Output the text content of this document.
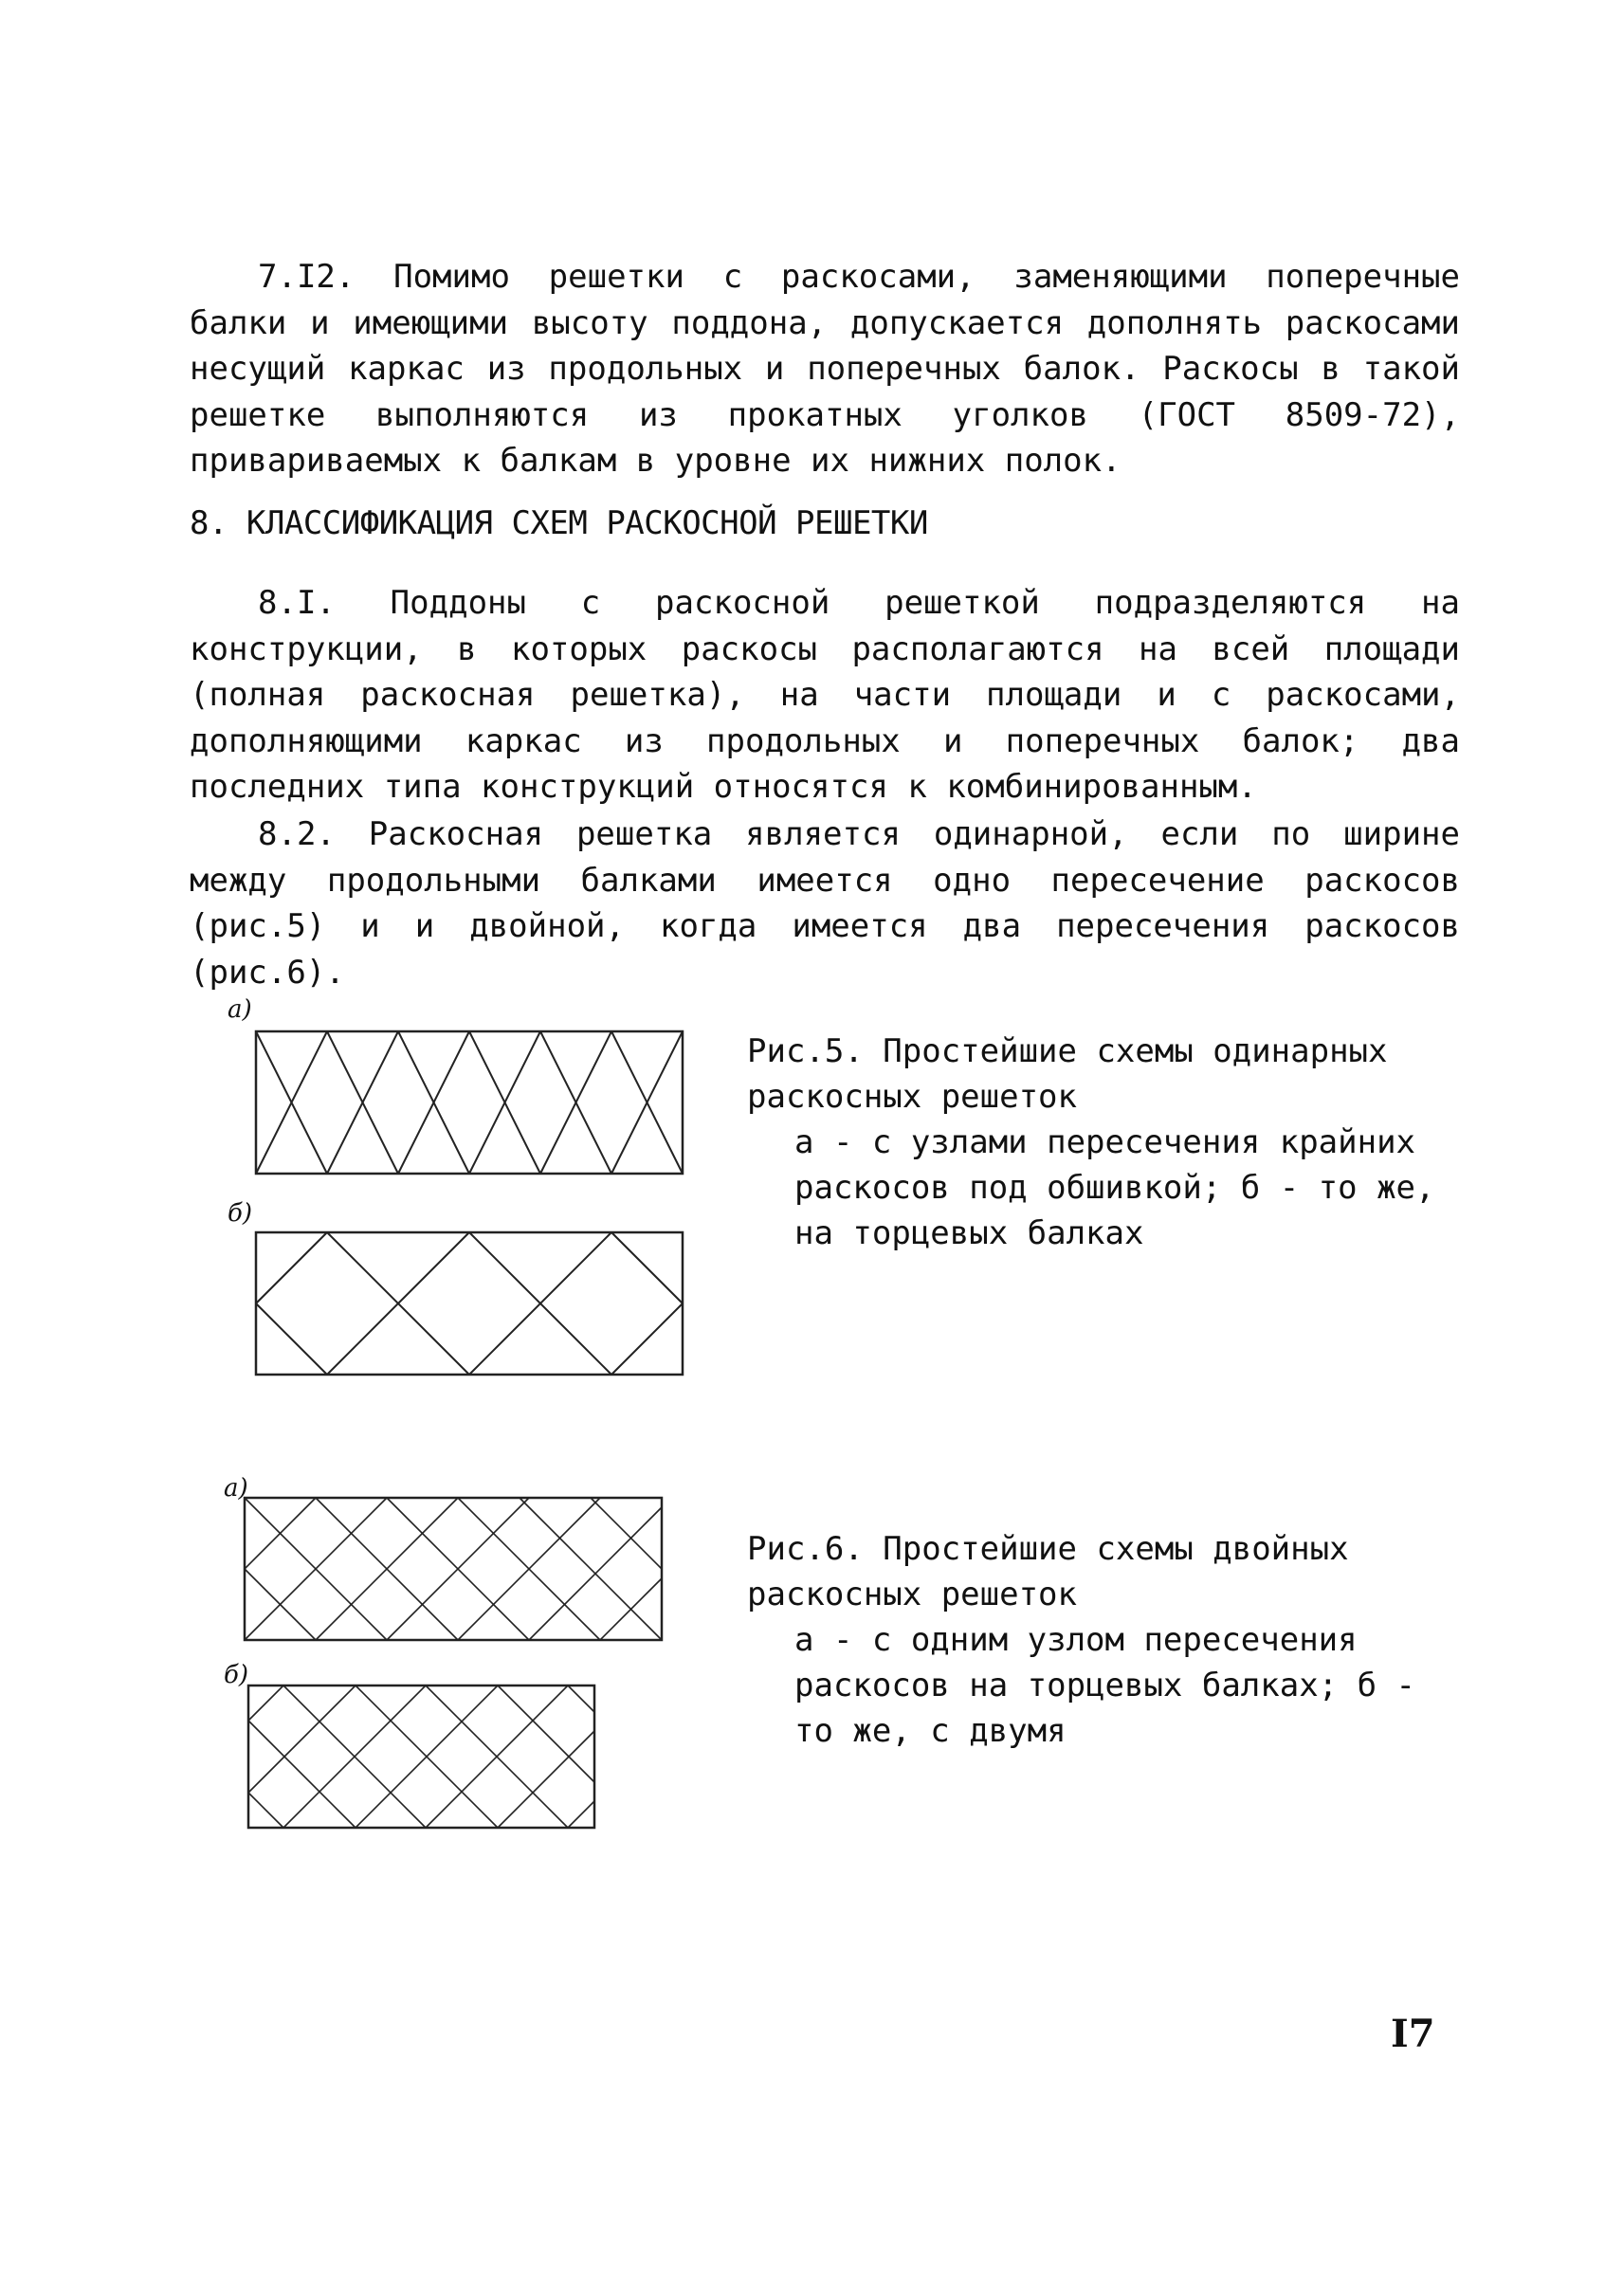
7.I2. Помимо решетки с раскосами, заменяющими поперечные балки и имеющими высоту поддона, допускается дополнять раскосами несущий каркас из продольных и поперечных балок. Раскосы в такой решетке выполняются из прокатных уголков (ГОСТ 8509-72), привариваемых к балкам в уровне их нижних полок.

8. КЛАССИФИКАЦИЯ СХЕМ РАСКОСНОЙ РЕШЕТКИ

8.I. Поддоны с раскосной решеткой подразделяются на конструкции, в которых раскосы располагаются на всей площади (полная раскосная решетка), на части площади и с раскосами, дополняющими каркас из продольных и поперечных балок; два последних типа конструкций относятся к комбинированным.

8.2. Раскосная решетка является одинарной, если по ширине между продольными балками имеется одно пересечение раскосов (рис.5) и и двойной, когда имеется два пересечения раскосов (рис.6).

а)
б)
Рис.5. Простейшие схемы одинарных раскосных решеток
а - с узлами пересечения крайних раскосов под обшивкой; б - то же, на торцевых балках
а)
б)
Рис.6. Простейшие схемы двойных раскосных решеток
а - с одним узлом пересечения раскосов на торцевых балках; б - то же, с двумя
I7
